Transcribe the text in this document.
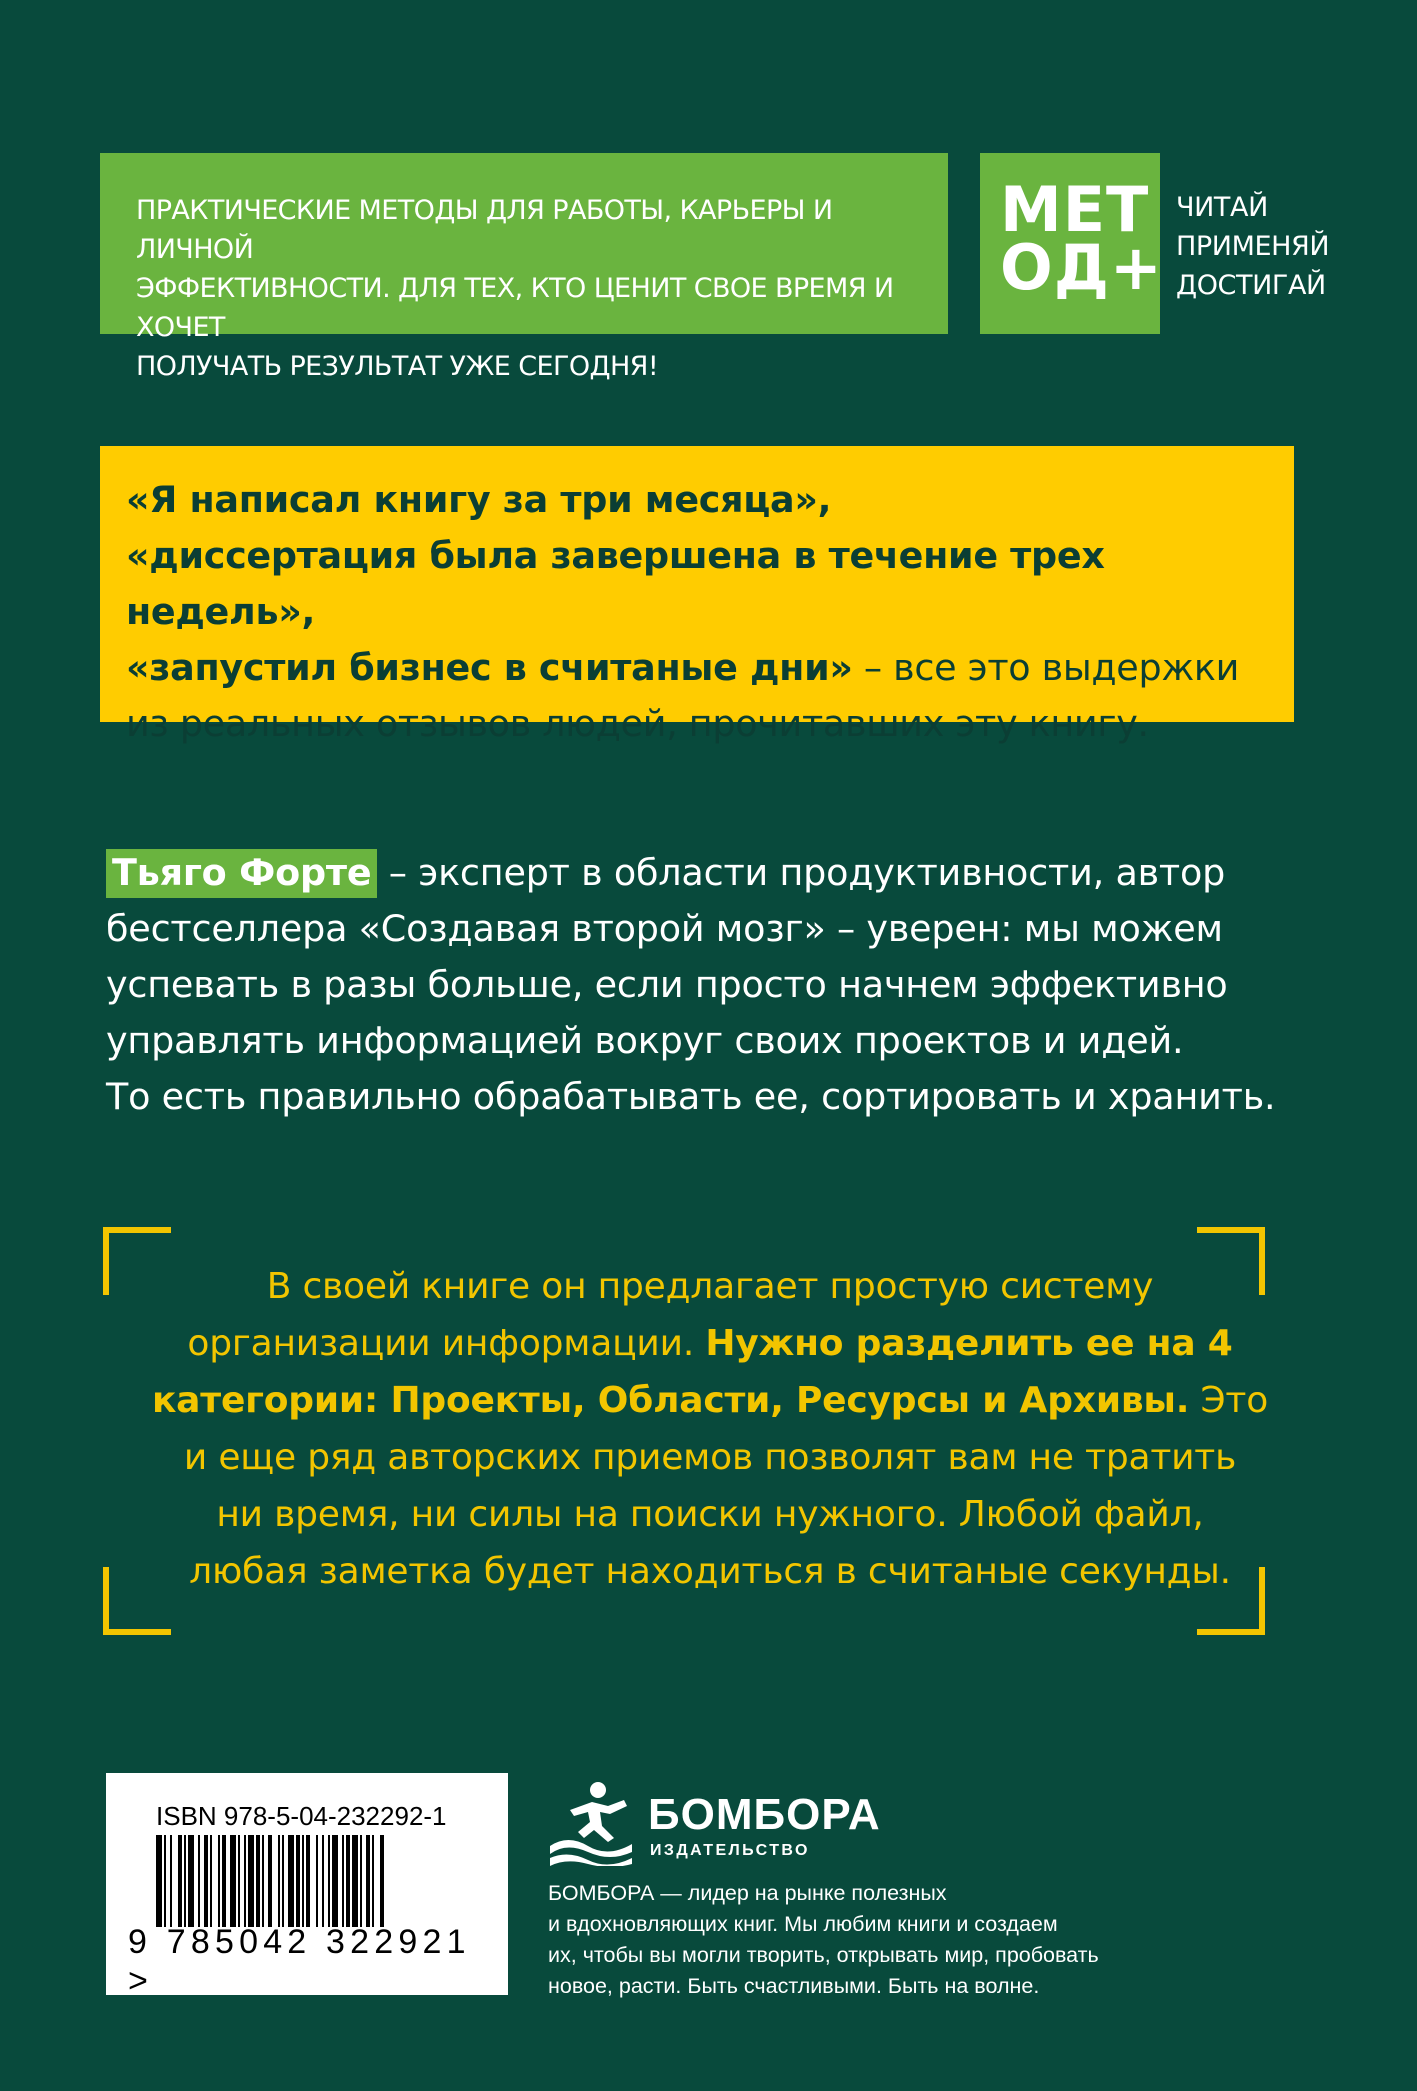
ПРАКТИЧЕСКИЕ МЕТОДЫ ДЛЯ РАБОТЫ, КАРЬЕРЫ И ЛИЧНОЙ
ЭФФЕКТИВНОСТИ. ДЛЯ ТЕХ, КТО ЦЕНИТ СВОЕ ВРЕМЯ И ХОЧЕТ
ПОЛУЧАТЬ РЕЗУЛЬТАТ УЖЕ СЕГОДНЯ!
МЕТ
ОД+
ЧИТАЙ
ПРИМЕНЯЙ
ДОСТИГАЙ
«Я написал книгу за три месяца»,
«диссертация была завершена в течение трех недель»,
«запустил бизнес в считаные дни» – все это выдержки
из реальных отзывов людей, прочитавших эту книгу.
Тьяго Форте – эксперт в области продуктивности, автор
бестселлера «Создавая второй мозг» – уверен: мы можем
успевать в разы больше, если просто начнем эффективно
управлять информацией вокруг своих проектов и идей.
То есть правильно обрабатывать ее, сортировать и хранить.
В своей книге он предлагает простую систему
организации информации. Нужно разделить ее на 4
категории: Проекты, Области, Ресурсы и Архивы. Это
и еще ряд авторских приемов позволят вам не тратить
ни время, ни силы на поиски нужного. Любой файл,
любая заметка будет находиться в считаные секунды.
ISBN 978-5-04-232292-1
9 785042 322921 >
БОМБОРА
ИЗДАТЕЛЬСТВО
БОМБОРА — лидер на рынке полезных
и вдохновляющих книг. Мы любим книги и создаем
их, чтобы вы могли творить, открывать мир, пробовать
новое, расти. Быть счастливыми. Быть на волне.
